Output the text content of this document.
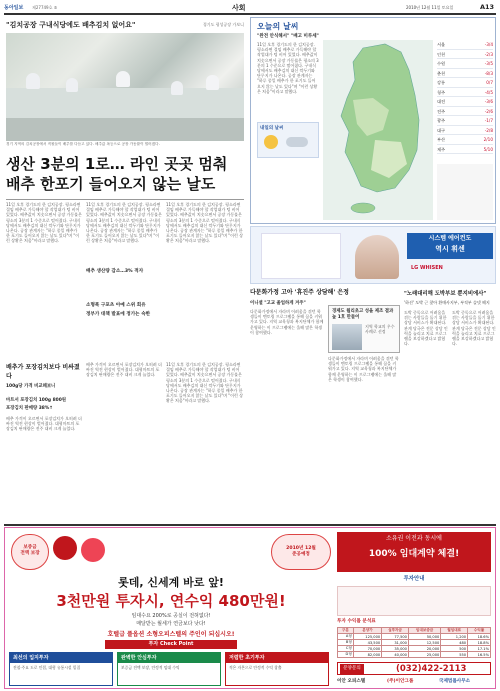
동아일보 제27749호 ⑤	사회	2010년 12월 11일 토요일	A13
"김치공장 구내식당에도 배추김치 없어요"	경기도 평성공장 가보니
경기 지역의 김치공장에서 직원들이 배추를 다듬고 있다. 배추값 폭등으로 공장 가동률이 떨어졌다.
생산 3분의 1로… 라인 곳곳 멈춰
배추 한포기 들어오지 않는 날도
11일 오후 경기도의 한 김치공장. 평소라면 절임 배추로 가득해야 할 작업대가 텅 비어 있었다. 배추값이 치솟으면서 공장 가동률은 평소의 3분의 1 수준으로 떨어졌다. 구내식당에서도 배추김치 대신 깍두기와 단무지가 나온다. 공장 관계자는 "하루 종일 배추가 한 포기도 들어오지 않는 날도 있다"며 "이런 상황은 처음"이라고 말했다.
11일 오후 경기도의 한 김치공장. 평소라면 절임 배추로 가득해야 할 작업대가 텅 비어 있었다. 배추값이 치솟으면서 공장 가동률은 평소의 3분의 1 수준으로 떨어졌다. 구내식당에서도 배추김치 대신 깍두기와 단무지가 나온다. 공장 관계자는 "하루 종일 배추가 한 포기도 들어오지 않는 날도 있다"며 "이런 상황은 처음"이라고 말했다.
11일 오후 경기도의 한 김치공장. 평소라면 절임 배추로 가득해야 할 작업대가 텅 비어 있었다. 배추값이 치솟으면서 공장 가동률은 평소의 3분의 1 수준으로 떨어졌다. 구내식당에서도 배추김치 대신 깍두기와 단무지가 나온다. 공장 관계자는 "하루 종일 배추가 한 포기도 들어오지 않는 날도 있다"며 "이런 상황은 처음"이라고 말했다.
배추 생산량 감소…3% 적자
소형폭 구포츠 아예 스위 회유
정부가 대책 발표에 정가는 숙한
배추가 포장김치보다 비싸졌다
100g당 가격 비교해보니
마트서 포장김치 100g 800원
포장김치 판매량 38%↑
배추 가격이 오르면서 포장김치가 오히려 더 싸진 역전 현상이 벌어졌다. 대형마트의 포장김치 판매량은 전주 대비 크게 늘었다.
배추 가격이 오르면서 포장김치가 오히려 더 싸진 역전 현상이 벌어졌다. 대형마트의 포장김치 판매량은 전주 대비 크게 늘었다.
11일 오후 경기도의 한 김치공장. 평소라면 절임 배추로 가득해야 할 작업대가 텅 비어 있었다. 배추값이 치솟으면서 공장 가동률은 평소의 3분의 1 수준으로 떨어졌다. 구내식당에서도 배추김치 대신 깍두기와 단무지가 나온다. 공장 관계자는 "하루 종일 배추가 한 포기도 들어오지 않는 날도 있다"며 "이런 상황은 처음"이라고 말했다.
오늘의 날씨
"완전 안식해서" "배고 미루세"
11일 오후 경기도의 한 김치공장. 평소라면 절임 배추로 가득해야 할 작업대가 텅 비어 있었다. 배추값이 치솟으면서 공장 가동률은 평소의 3분의 1 수준으로 떨어졌다. 구내식당에서도 배추김치 대신 깍두기와 단무지가 나온다. 공장 관계자는 "하루 종일 배추가 한 포기도 들어오지 않는 날도 있다"며 "이런 상황은 처음"이라고 말했다.
서울	-3/4
인천	-2/3
수원	-3/5
춘천	-8/3
강릉	0/7
청주	-4/5
대전	-3/6
전주	-2/6
광주	-1/7
대구	-2/8
부산	2/10
제주	5/10
내일의 날씨
시스템 에어컨도
역시 휘센
LG WHISEN
다문화가정 고아 '휴진주 상담해' 은정
이니셜 "고교 졸업하게 겨주"
다문화가정에서 자라며 어려움을 겪던 학생들이 멘토링 프로그램을 통해 꿈을 키워가고 있다. 지역 교육청과 복지단체가 함께 운영하는 이 프로그램에는 올해 많은 학생이 참여했다.
경제도 월리초고 성을 제조 결과 높 1호 만들어
지역 학교의 우수 사례로 선정
다문화가정에서 자라며 어려움을 겪던 학생들이 멘토링 프로그램을 통해 꿈을 키워가고 있다. 지역 교육청과 복지단체가 함께 운영하는 이 프로그램에는 올해 많은 학생이 참여했다.
"노래대리해 도박부보 뿐지비에사"
'하선' 도박 근 찾아 환매사지부, 부적부 슬넷 해지
도박 중독으로 어려움을 겪는 사람들을 돕기 위한 상담 서비스가 확대된다. 관계 당국은 전문 상담 인력을 늘리고 치료 프로그램을 보강하겠다고 밝혔다.
도박 중독으로 어려움을 겪는 사람들을 돕기 위한 상담 서비스가 확대된다. 관계 당국은 전문 상담 인력을 늘리고 치료 프로그램을 보강하겠다고 밝혔다.
보증금
전액 보장
2010년 12월
준공예정
롯데, 신세계 바로 앞!
3천만원 투자시, 연수익 480만원!
임대수요 200%로 공실이 전혀없다!
매달받는 월세가 연금보다 낫다!
호텔급 풀옵션 소형오피스텔의 주인이 되십시오!
투자 Check Point
최선의 입지투자
전철·주요 도로 인접, 대형 유통시설 밀집
완벽한 안심투자
보증금 전액 보장, 안정적 임대 수익
저렴한 초기투자
적은 자본으로 안정적 수익 창출
소유권 이전과 동시에
100% 임대계약 체결!
투자안내
투자 수익률 분석표
구분	분양가	실투자금	임대보증금	월임대료	수익률
A형	125,000	77,500	50,000	1,200	18.6%
B형	43,500	31,000	12,500	480	18.8%
C형	70,000	35,000	20,000	500	17.1%
D형	82,000	40,000	25,000	550	16.5%
분양문의	(032)422-2113
이안 오피스텔	(주)이안그룹	국제법률사무소
